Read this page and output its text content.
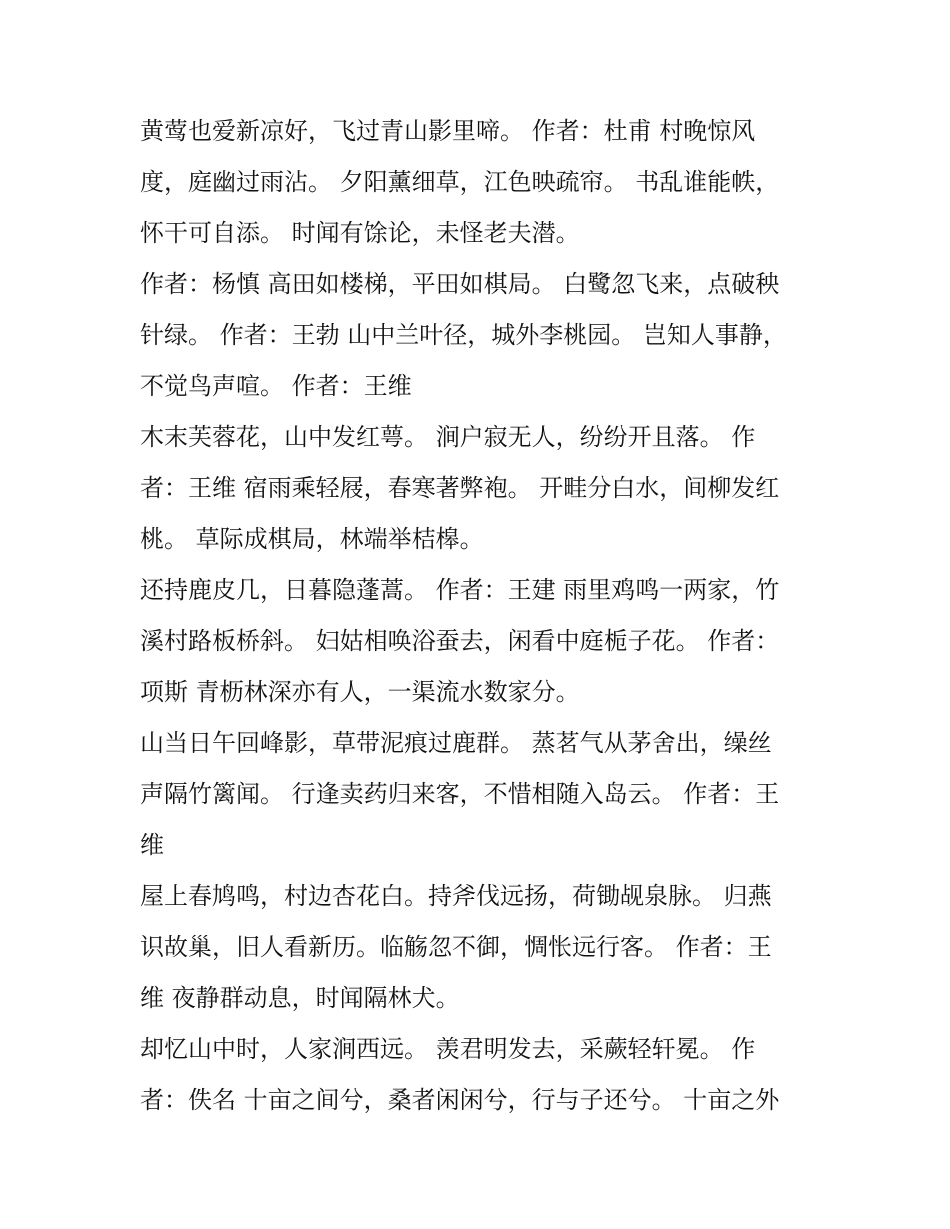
黄莺也爱新凉好，飞过青山影里啼。 作者：杜甫 村晚惊风
度，庭幽过雨沾。 夕阳薰细草，江色映疏帘。 书乱谁能帙，
怀干可自添。 时闻有馀论，未怪老夫潜。
作者：杨慎 高田如楼梯，平田如棋局。 白鹭忽飞来，点破秧
针绿。 作者：王勃 山中兰叶径，城外李桃园。 岂知人事静，
不觉鸟声喧。 作者：王维
木末芙蓉花，山中发红萼。 涧户寂无人，纷纷开且落。 作
者：王维 宿雨乘轻屐，春寒著弊袍。 开畦分白水，间柳发红
桃。 草际成棋局，林端举桔槔。
还持鹿皮几，日暮隐蓬蒿。 作者：王建 雨里鸡鸣一两家，竹
溪村路板桥斜。 妇姑相唤浴蚕去，闲看中庭栀子花。 作者：
项斯 青枥林深亦有人，一渠流水数家分。
山当日午回峰影，草带泥痕过鹿群。 蒸茗气从茅舍出，缲丝
声隔竹篱闻。 行逢卖药归来客，不惜相随入岛云。 作者：王
维
屋上春鸠鸣，村边杏花白。持斧伐远扬，荷锄觇泉脉。 归燕
识故巢，旧人看新历。临觞忽不御，惆怅远行客。 作者：王
维 夜静群动息，时闻隔林犬。
却忆山中时，人家涧西远。 羡君明发去，采蕨轻轩冕。 作
者：佚名 十亩之间兮，桑者闲闲兮，行与子还兮。 十亩之外
